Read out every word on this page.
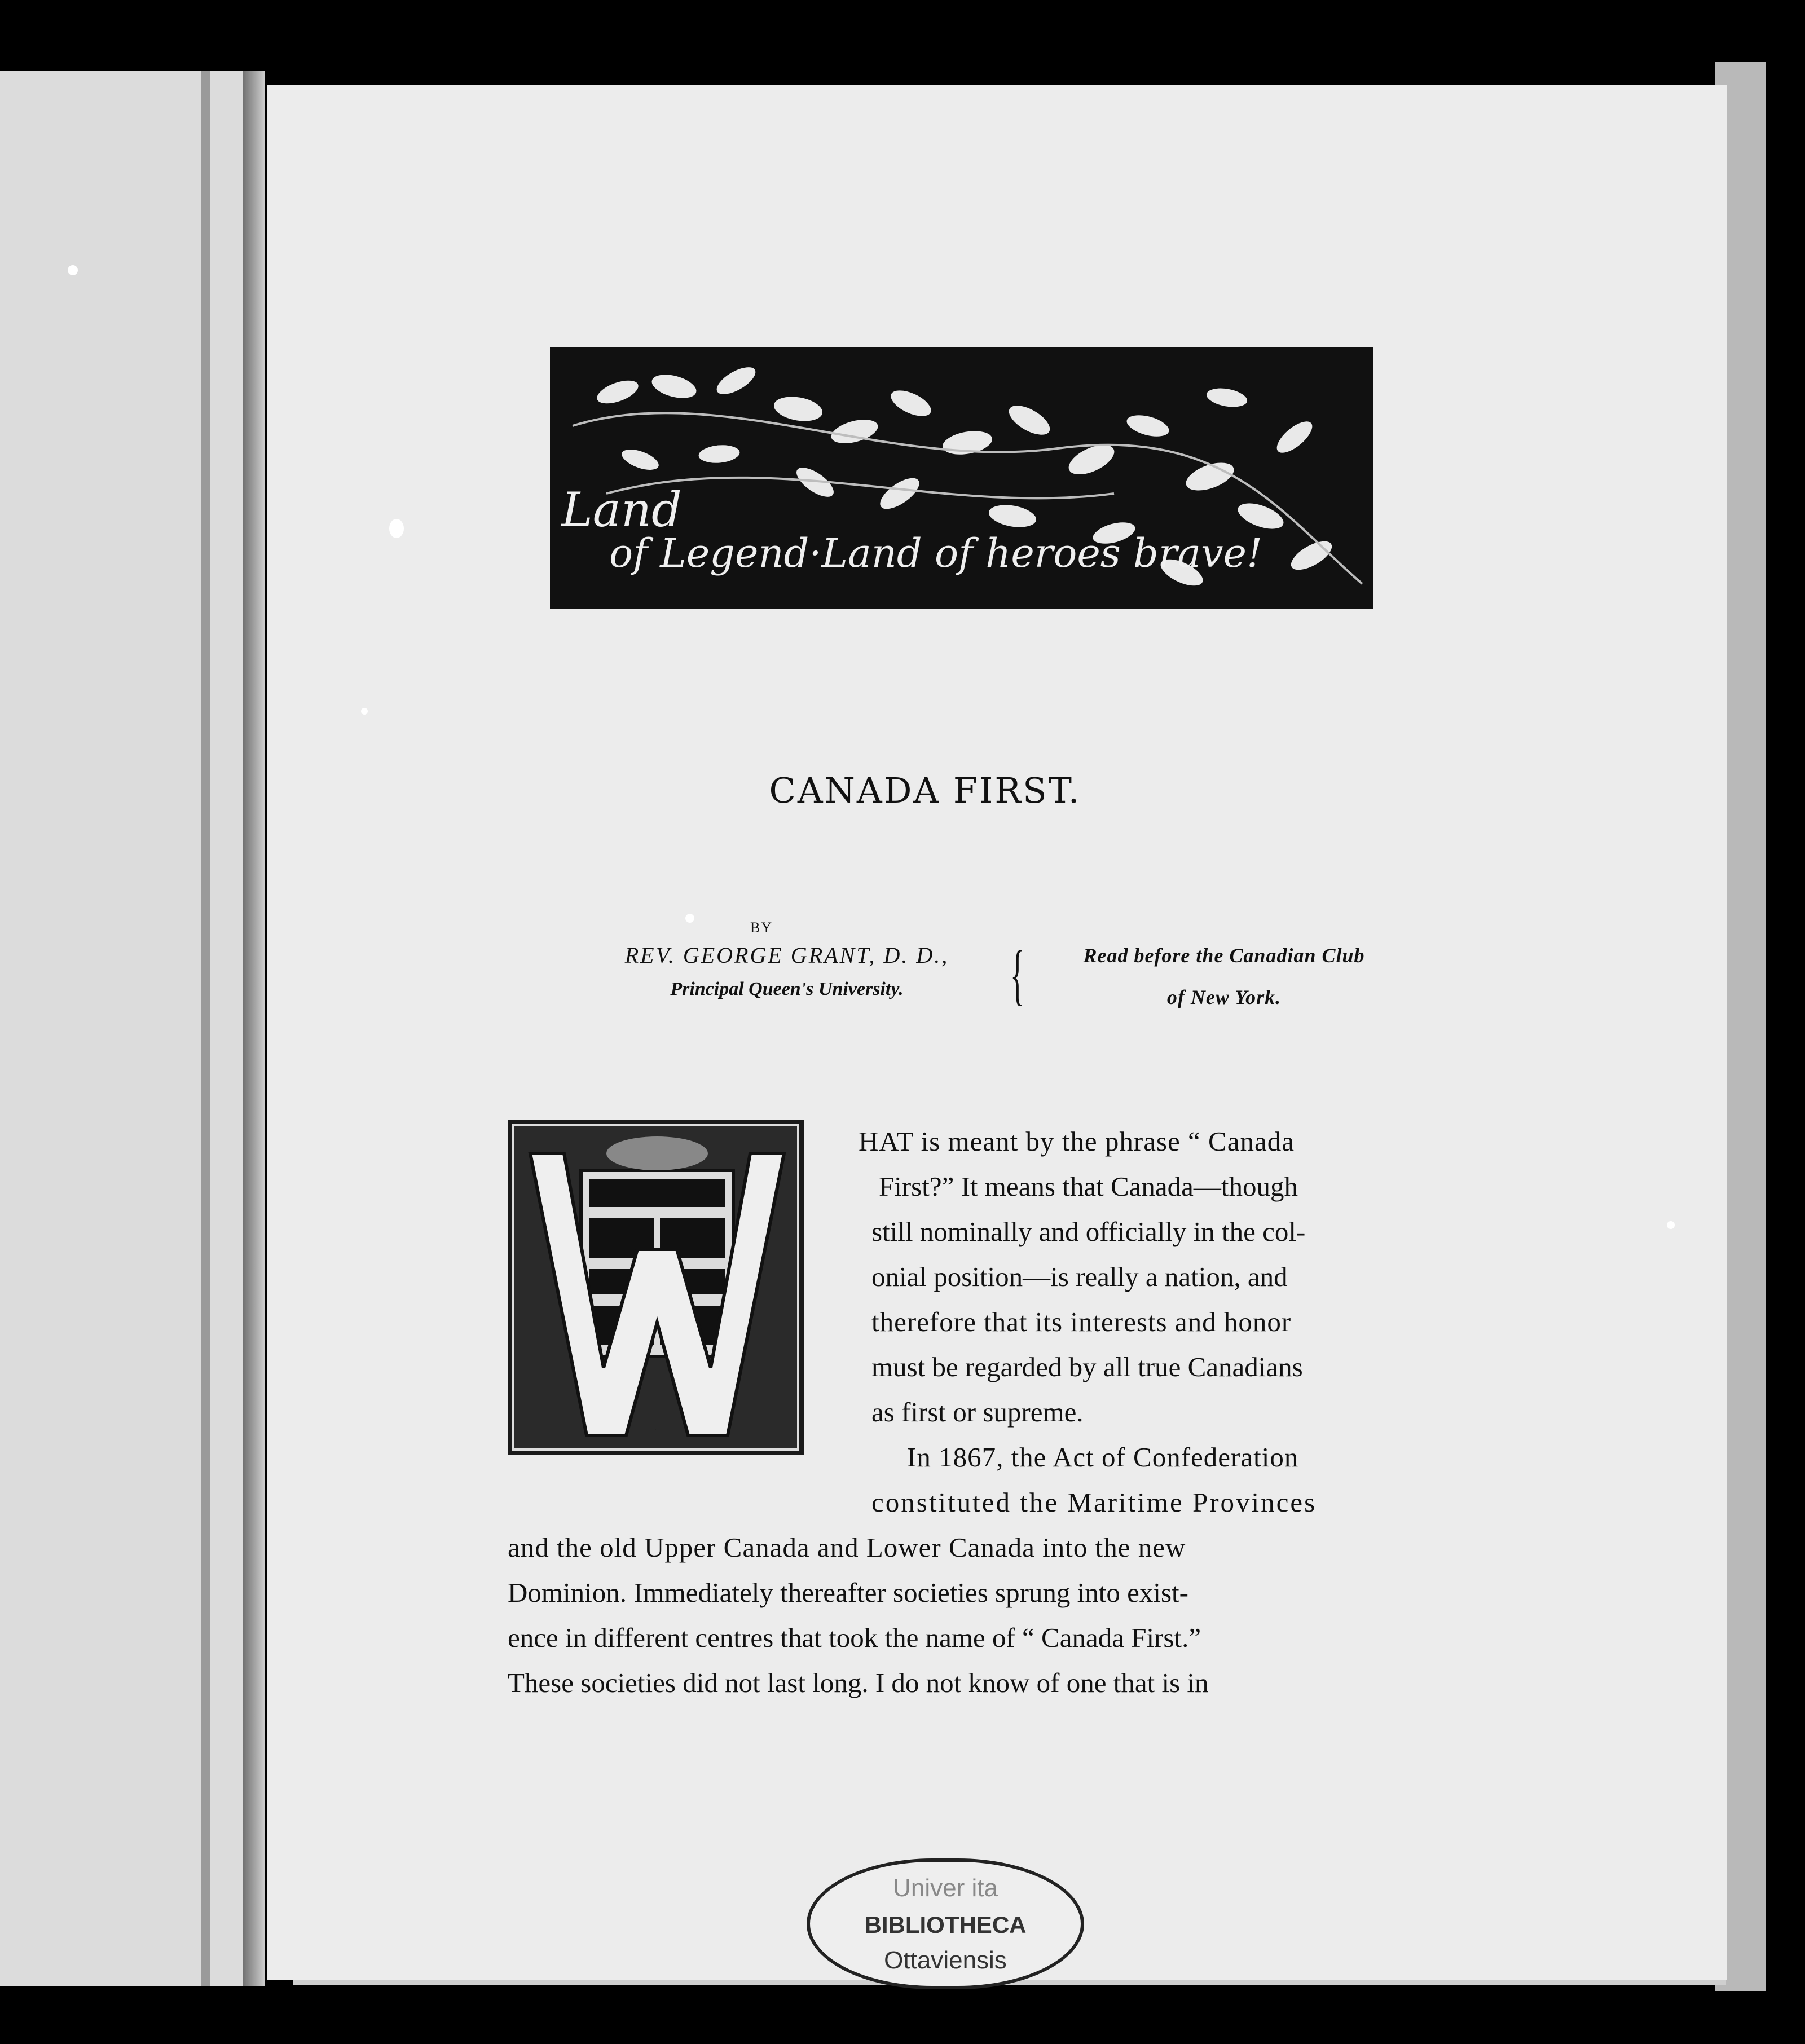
Land
of Legend·Land of heroes brave!
CANADA FIRST.
BY
REV. GEORGE GRANT, D. D.,
Principal Queen's University.	{	Read before the Canadian Club
of New York.
W
HAT is meant by the phrase “ Canada
First?” It means that Canada—though
still nominally and officially in the col-
onial position—is really a nation, and
therefore that its interests and honor
must be regarded by all true Canadians
as first or supreme.
In 1867, the Act of Confederation
constituted the Maritime Provinces
and the old Upper Canada and Lower Canada into the new
Dominion. Immediately thereafter societies sprung into exist-
ence in different centres that took the name of “ Canada First.”
These societies did not last long. I do not know of one that is in
Univer ita
BIBLIOTHECA
Ottaviensis
